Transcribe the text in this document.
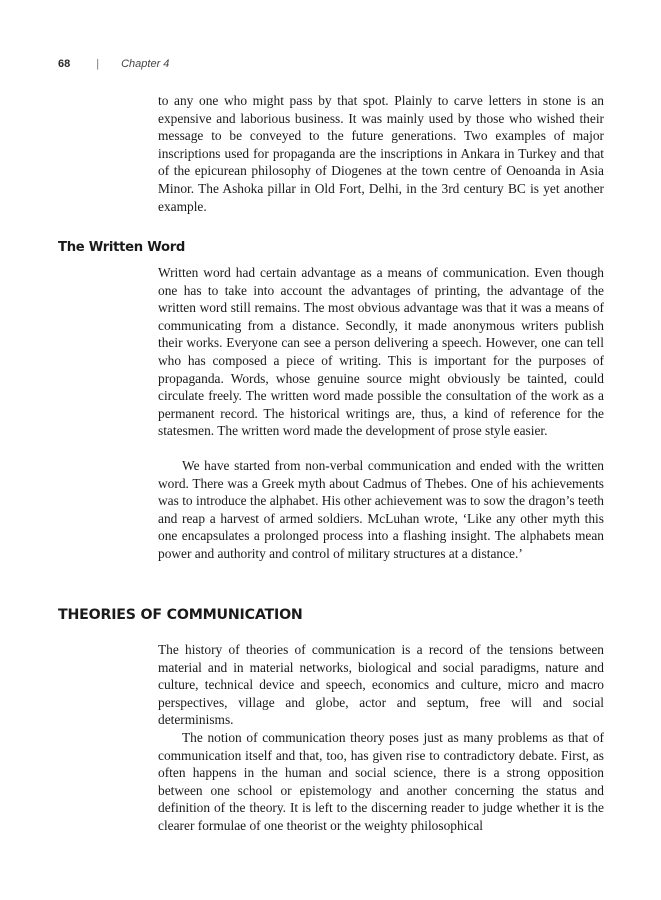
68 | Chapter 4

to any one who might pass by that spot. Plainly to carve letters in stone is an expensive and laborious business. It was mainly used by those who wished their message to be conveyed to the future generations. Two examples of major inscriptions used for propaganda are the inscriptions in Ankara in Turkey and that of the epicurean philosophy of Diogenes at the town centre of Oenoanda in Asia Minor. The Ashoka pillar in Old Fort, Delhi, in the 3rd century BC is yet another example.

The Written Word

Written word had certain advantage as a means of communication. Even though one has to take into account the advantages of printing, the advantage of the written word still remains. The most obvious advantage was that it was a means of communicating from a distance. Secondly, it made anonymous writers publish their works. Everyone can see a person delivering a speech. However, one can tell who has composed a piece of writing. This is important for the purposes of propaganda. Words, whose genuine source might obviously be tainted, could circulate freely. The written word made possible the consultation of the work as a permanent record. The historical writings are, thus, a kind of reference for the statesmen. The written word made the development of prose style easier.

We have started from non-verbal communication and ended with the written word. There was a Greek myth about Cadmus of Thebes. One of his achievements was to introduce the alphabet. His other achievement was to sow the dragon’s teeth and reap a harvest of armed soldiers. McLuhan wrote, ‘Like any other myth this one encapsulates a prolonged process into a flashing insight. The alphabets mean power and authority and control of military structures at a distance.’

THEORIES OF COMMUNICATION

The history of theories of communication is a record of the tensions between material and in material networks, biological and social paradigms, nature and culture, technical device and speech, economics and culture, micro and macro perspectives, village and globe, actor and septum, free will and social determinisms.

The notion of communication theory poses just as many problems as that of communication itself and that, too, has given rise to contradictory debate. First, as often happens in the human and social science, there is a strong opposition between one school or epistemology and another concerning the status and definition of the theory. It is left to the discerning reader to judge whether it is the clearer formulae of one theorist or the weighty philosophical
